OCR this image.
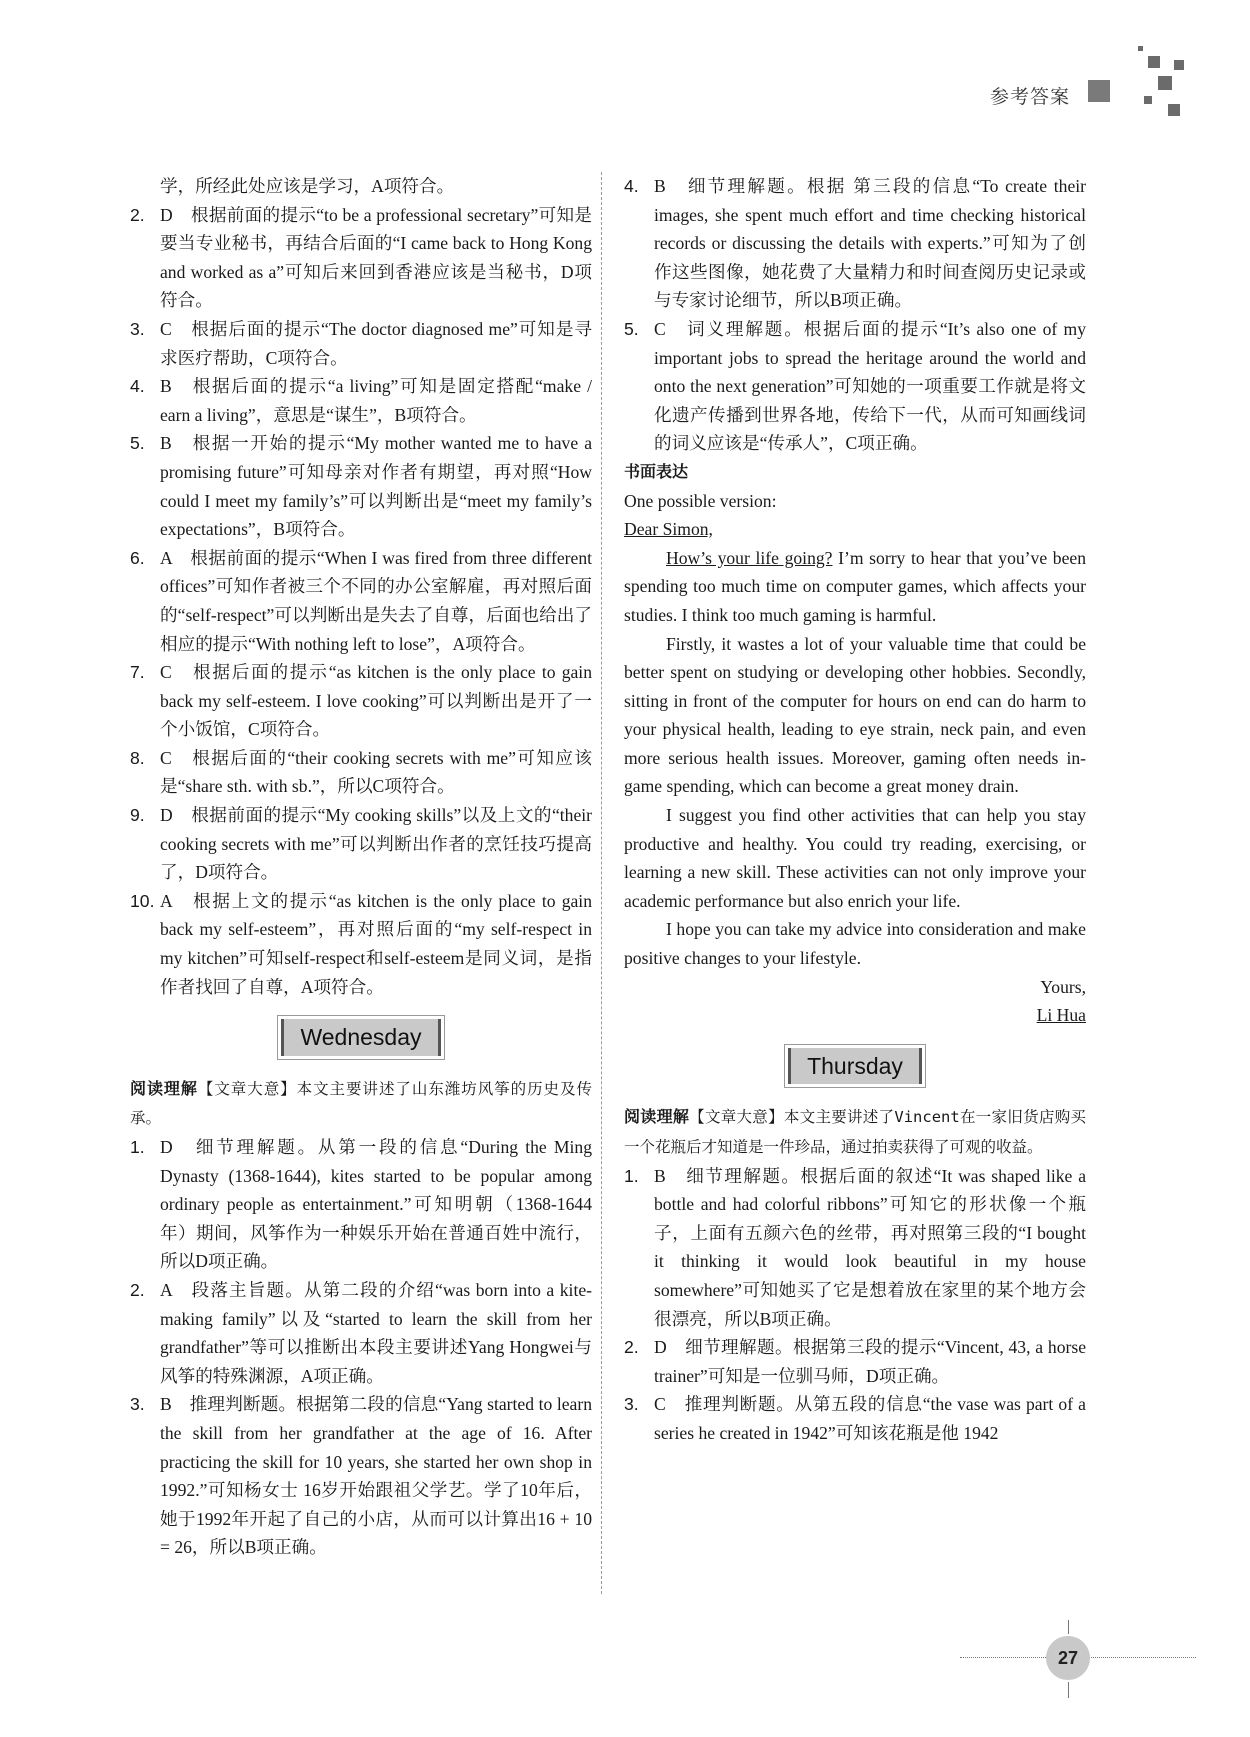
参考答案

学，所经此处应该是学习，A项符合。

2. D　根据前面的提示“to be a professional secretary”可知是要当专业秘书，再结合后面的“I came back to Hong Kong and worked as a”可知后来回到香港应该是当秘书，D项符合。
3. C　根据后面的提示“The doctor diagnosed me”可知是寻求医疗帮助，C项符合。
4. B　根据后面的提示“a living”可知是固定搭配“make / earn a living”，意思是“谋生”，B项符合。
5. B　根据一开始的提示“My mother wanted me to have a promising future”可知母亲对作者有期望，再对照“How could I meet my family’s”可以判断出是“meet my family’s expectations”，B项符合。
6. A　根据前面的提示“When I was fired from three different offices”可知作者被三个不同的办公室解雇，再对照后面的“self-respect”可以判断出是失去了自尊，后面也给出了相应的提示“With nothing left to lose”，A项符合。
7. C　根据后面的提示“as kitchen is the only place to gain back my self-esteem. I love cooking”可以判断出是开了一个小饭馆，C项符合。
8. C　根据后面的“their cooking secrets with me”可知应该是“share sth. with sb.”，所以C项符合。
9. D　根据前面的提示“My cooking skills”以及上文的“their cooking secrets with me”可以判断出作者的烹饪技巧提高了，D项符合。
10. A　根据上文的提示“as kitchen is the only place to gain back my self-esteem”，再对照后面的“my self-respect in my kitchen”可知self-respect和self-esteem是同义词，是指作者找回了自尊，A项符合。
Wednesday

阅读理解【文章大意】本文主要讲述了山东潍坊风筝的历史及传承。

1. D　细节理解题。从第一段的信息“During the Ming Dynasty (1368-1644), kites started to be popular among ordinary people as entertainment.”可知明朝（1368-1644 年）期间，风筝作为一种娱乐开始在普通百姓中流行，所以D项正确。
2. A　段落主旨题。从第二段的介绍“was born into a kite-making family”以及“started to learn the skill from her grandfather”等可以推断出本段主要讲述Yang Hongwei与风筝的特殊渊源，A项正确。
3. B　推理判断题。根据第二段的信息“Yang started to learn the skill from her grandfather at the age of 16. After practicing the skill for 10 years, she started her own shop in 1992.”可知杨女士 16岁开始跟祖父学艺。学了10年后，她于1992年开起了自己的小店，从而可以计算出16 + 10 = 26，所以B项正确。
4. B　细节理解题。根据 第三段的信息“To create their images, she spent much effort and time checking historical records or discussing the details with experts.”可知为了创作这些图像，她花费了大量精力和时间查阅历史记录或与专家讨论细节，所以B项正确。
5. C　词义理解题。根据后面的提示“It’s also one of my important jobs to spread the heritage around the world and onto the next generation”可知她的一项重要工作就是将文化遗产传播到世界各地，传给下一代，从而可知画线词的词义应该是“传承人”，C项正确。

书面表达

One possible version:

Dear Simon,

How’s your life going? I’m sorry to hear that you’ve been spending too much time on computer games, which affects your studies. I think too much gaming is harmful.

Firstly, it wastes a lot of your valuable time that could be better spent on studying or developing other hobbies. Secondly, sitting in front of the computer for hours on end can do harm to your physical health, leading to eye strain, neck pain, and even more serious health issues. Moreover, gaming often needs in-game spending, which can become a great money drain.

I suggest you find other activities that can help you stay productive and healthy. You could try reading, exercising, or learning a new skill. These activities can not only improve your academic performance but also enrich your life.

I hope you can take my advice into consideration and make positive changes to your lifestyle.

Yours,

Li Hua

Thursday

阅读理解【文章大意】本文主要讲述了Vincent在一家旧货店购买一个花瓶后才知道是一件珍品，通过拍卖获得了可观的收益。

1. B　细节理解题。根据后面的叙述“It was shaped like a bottle and had colorful ribbons”可知它的形状像一个瓶子，上面有五颜六色的丝带，再对照第三段的“I bought it thinking it would look beautiful in my house somewhere”可知她买了它是想着放在家里的某个地方会很漂亮，所以B项正确。
2. D　细节理解题。根据第三段的提示“Vincent, 43, a horse trainer”可知是一位驯马师，D项正确。
3. C　推理判断题。从第五段的信息“the vase was part of a series he created in 1942”可知该花瓶是他 1942
27
